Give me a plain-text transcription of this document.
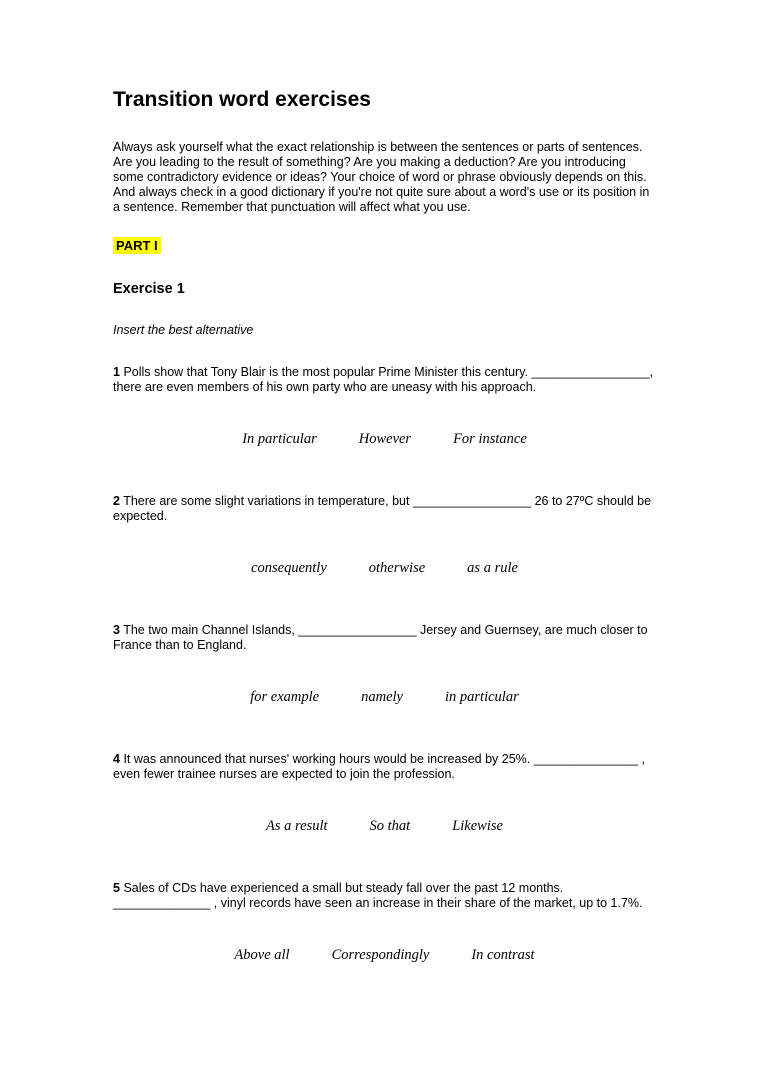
Transition word exercises

Always ask yourself what the exact relationship is between the sentences or parts of sentences. Are you leading to the result of something? Are you making a deduction? Are you introducing some contradictory evidence or ideas? Your choice of word or phrase obviously depends on this. And always check in a good dictionary if you're not quite sure about a word's use or its position in a sentence. Remember that punctuation will affect what you use.

PART I
Exercise 1

Insert the best alternative

1 Polls show that Tony Blair is the most popular Prime Minister this century. _________________, there are even members of his own party who are uneasy with his approach.

In particular	However	For instance

2 There are some slight variations in temperature, but _________________ 26 to 27ºC should be expected.

consequently	otherwise	as a rule

3 The two main Channel Islands, _________________ Jersey and Guernsey, are much closer to France than to England.

for example	namely	in particular

4 It was announced that nurses' working hours would be increased by 25%. _______________ , even fewer trainee nurses are expected to join the profession.

As a result	So that	Likewise

5 Sales of CDs have experienced a small but steady fall over the past 12 months. ______________ , vinyl records have seen an increase in their share of the market, up to 1.7%.

Above all	Correspondingly	In contrast
